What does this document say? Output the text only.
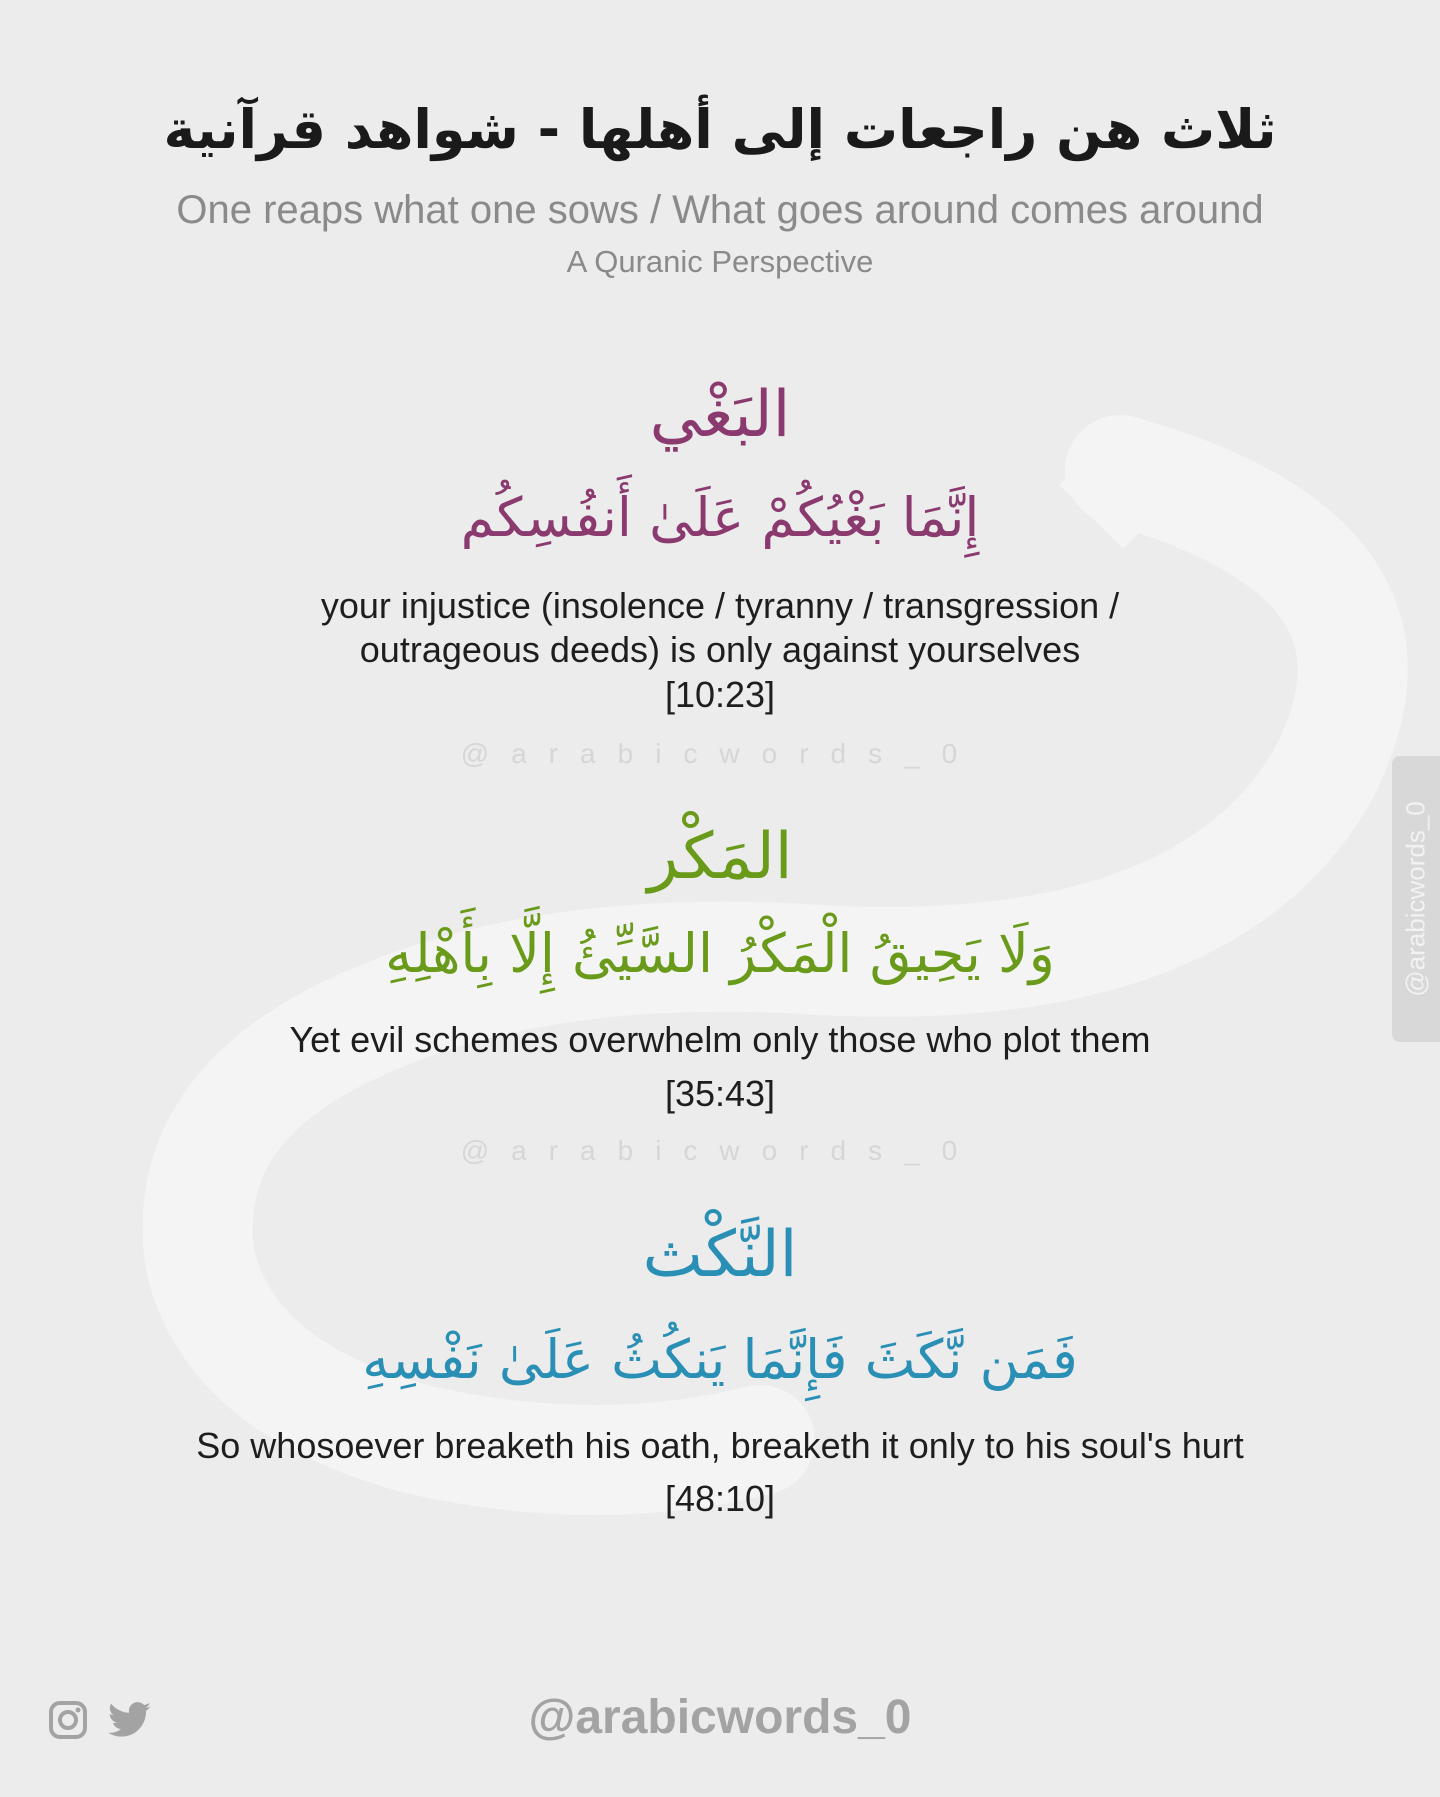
ثلاث هن راجعات إلى أهلها - شواهد قرآنية
One reaps what one sows / What goes around comes around
A Quranic Perspective
البَغْي
إِنَّمَا بَغْيُكُمْ عَلَىٰ أَنفُسِكُم
your injustice (insolence / tyranny / transgression /
outrageous deeds) is only against yourselves
[10:23]
@arabicwords_0
المَكْر
وَلَا يَحِيقُ الْمَكْرُ السَّيِّئُ إِلَّا بِأَهْلِهِ
Yet evil schemes overwhelm only those who plot them
[35:43]
@arabicwords_0
النَّكْث
فَمَن نَّكَثَ فَإِنَّمَا يَنكُثُ عَلَىٰ نَفْسِهِ
So whosoever breaketh his oath, breaketh it only to his soul's hurt
[48:10]
@arabicwords_0
@arabicwords_0
